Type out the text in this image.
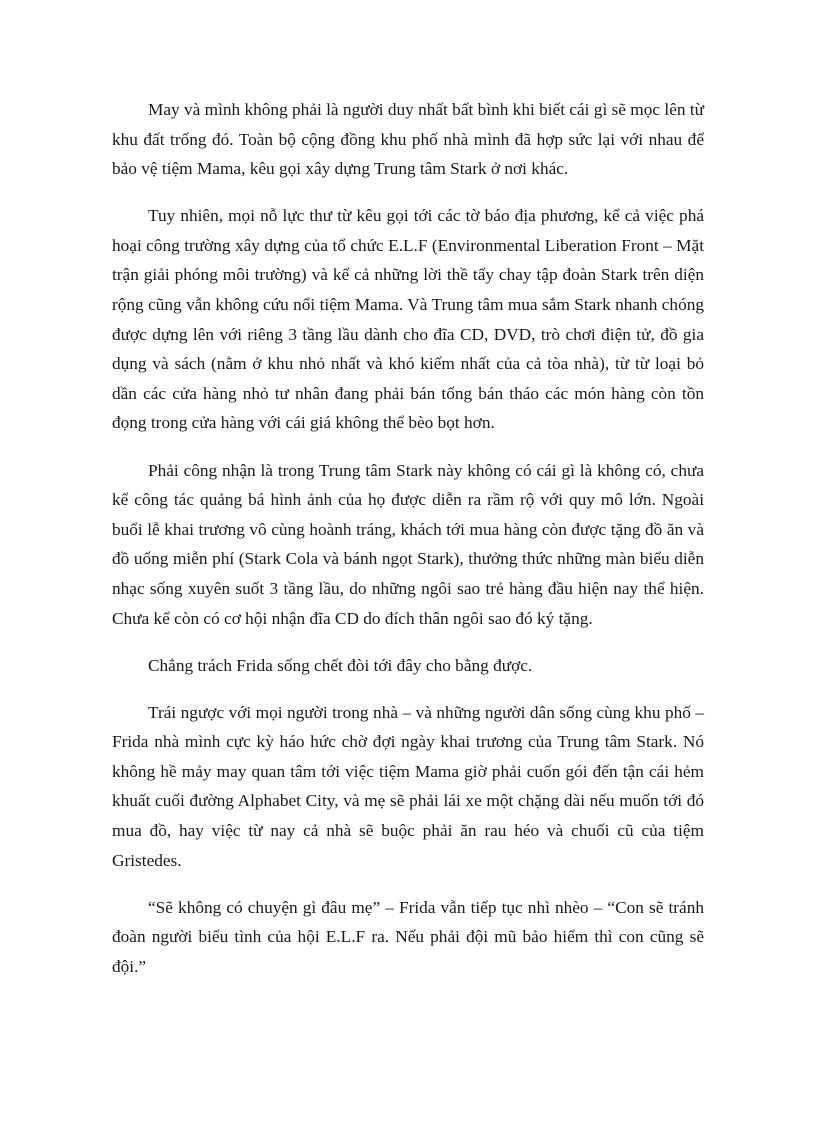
May và mình không phải là người duy nhất bất bình khi biết cái gì sẽ mọc lên từ khu đất trống đó. Toàn bộ cộng đồng khu phố nhà mình đã hợp sức lại với nhau để bảo vệ tiệm Mama, kêu gọi xây dựng Trung tâm Stark ở nơi khác.

Tuy nhiên, mọi nỗ lực thư từ kêu gọi tới các tờ báo địa phương, kể cả việc phá hoại công trường xây dựng của tổ chức E.L.F (Environmental Liberation Front – Mặt trận giải phóng môi trường) và kể cả những lời thề tẩy chay tập đoàn Stark trên diện rộng cũng vẫn không cứu nổi tiệm Mama. Và Trung tâm mua sắm Stark nhanh chóng được dựng lên với riêng 3 tầng lầu dành cho đĩa CD, DVD, trò chơi điện tử, đồ gia dụng và sách (nằm ở khu nhỏ nhất và khó kiếm nhất của cả tòa nhà), từ từ loại bỏ dần các cửa hàng nhỏ tư nhân đang phải bán tống bán tháo các món hàng còn tồn đọng trong cửa hàng với cái giá không thể bèo bọt hơn.

Phải công nhận là trong Trung tâm Stark này không có cái gì là không có, chưa kể công tác quảng bá hình ảnh của họ được diễn ra rầm rộ với quy mô lớn. Ngoài buổi lễ khai trương vô cùng hoành tráng, khách tới mua hàng còn được tặng đồ ăn và đồ uống miễn phí (Stark Cola và bánh ngọt Stark), thưởng thức những màn biểu diễn nhạc sống xuyên suốt 3 tầng lầu, do những ngôi sao trẻ hàng đầu hiện nay thể hiện. Chưa kể còn có cơ hội nhận đĩa CD do đích thân ngôi sao đó ký tặng.

Chẳng trách Frida sống chết đòi tới đây cho bằng được.

Trái ngược với mọi người trong nhà – và những người dân sống cùng khu phố – Frida nhà mình cực kỳ háo hức chờ đợi ngày khai trương của Trung tâm Stark. Nó không hề mảy may quan tâm tới việc tiệm Mama giờ phải cuốn gói đến tận cái hẻm khuất cuối đường Alphabet City, và mẹ sẽ phải lái xe một chặng dài nếu muốn tới đó mua đồ, hay việc từ nay cả nhà sẽ buộc phải ăn rau héo và chuối cũ của tiệm Gristedes.

“Sẽ không có chuyện gì đâu mẹ” – Frida vẫn tiếp tục nhì nhèo – “Con sẽ tránh đoàn người biểu tình của hội E.L.F ra. Nếu phải đội mũ bảo hiểm thì con cũng sẽ đội.”
